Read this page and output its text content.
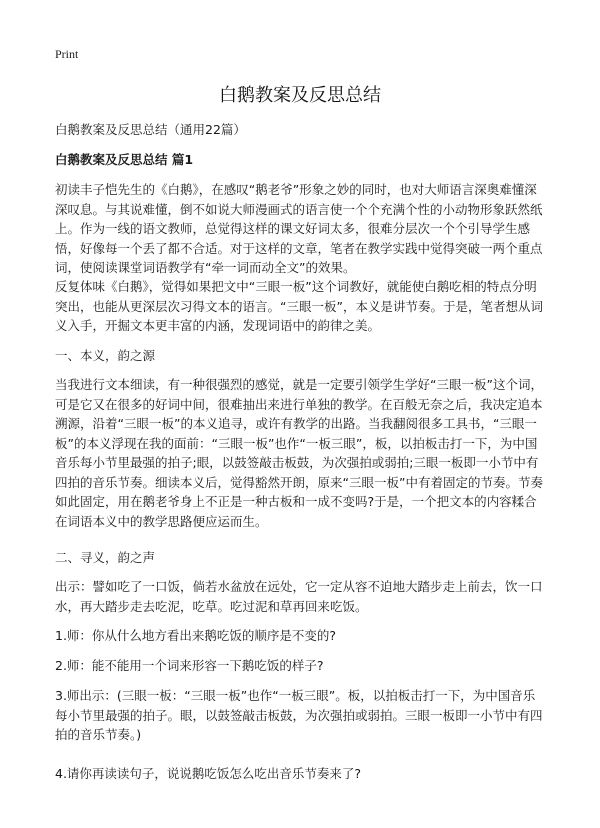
Print
白鹅教案及反思总结
白鹅教案及反思总结（通用22篇）
白鹅教案及反思总结 篇1

初读丰子恺先生的《白鹅》，在感叹“鹅老爷”形象之妙的同时，也对大师语言深奥难懂深深叹息。与其说难懂，倒不如说大师漫画式的语言使一个个充满个性的小动物形象跃然纸上。作为一线的语文教师，总觉得这样的课文好词太多，很难分层次一个个引导学生感悟，好像每一个丢了都不合适。对于这样的文章，笔者在教学实践中觉得突破一两个重点词，使阅读课堂词语教学有“牵一词而动全文”的效果。

反复体味《白鹅》，觉得如果把文中“三眼一板”这个词教好，就能使白鹅吃相的特点分明突出，也能从更深层次习得文本的语言。“三眼一板”，本义是讲节奏。于是，笔者想从词义入手，开掘文本更丰富的内涵，发现词语中的韵律之美。

一、本义，韵之源

当我进行文本细读，有一种很强烈的感觉，就是一定要引领学生学好“三眼一板”这个词，可是它又在很多的好词中间，很难抽出来进行单独的教学。在百般无奈之后，我决定追本溯源，沿着“三眼一板”的本义追寻，或许有教学的出路。当我翻阅很多工具书，“三眼一板”的本义浮现在我的面前：“三眼一板”也作“一板三眼”，板，以拍板击打一下，为中国音乐每小节里最强的拍子;眼，以鼓签敲击板鼓，为次强拍或弱拍;三眼一板即一小节中有四拍的音乐节奏。细读本义后，觉得豁然开朗，原来“三眼一板”中有着固定的节奏。节奏如此固定，用在鹅老爷身上不正是一种古板和一成不变吗?于是，一个把文本的内容糅合在词语本义中的教学思路便应运而生。

二、寻义，韵之声

出示：譬如吃了一口饭，倘若水盆放在远处，它一定从容不迫地大踏步走上前去，饮一口水，再大踏步走去吃泥，吃草。吃过泥和草再回来吃饭。

1.师：你从什么地方看出来鹅吃饭的顺序是不变的?

2.师：能不能用一个词来形容一下鹅吃饭的样子?

3.师出示：(三眼一板：“三眼一板”也作“一板三眼”。板，以拍板击打一下，为中国音乐每小节里最强的拍子。眼，以鼓签敲击板鼓，为次强拍或弱拍。三眼一板即一小节中有四拍的音乐节奏。)

4.请你再读读句子，说说鹅吃饭怎么吃出音乐节奏来了?
